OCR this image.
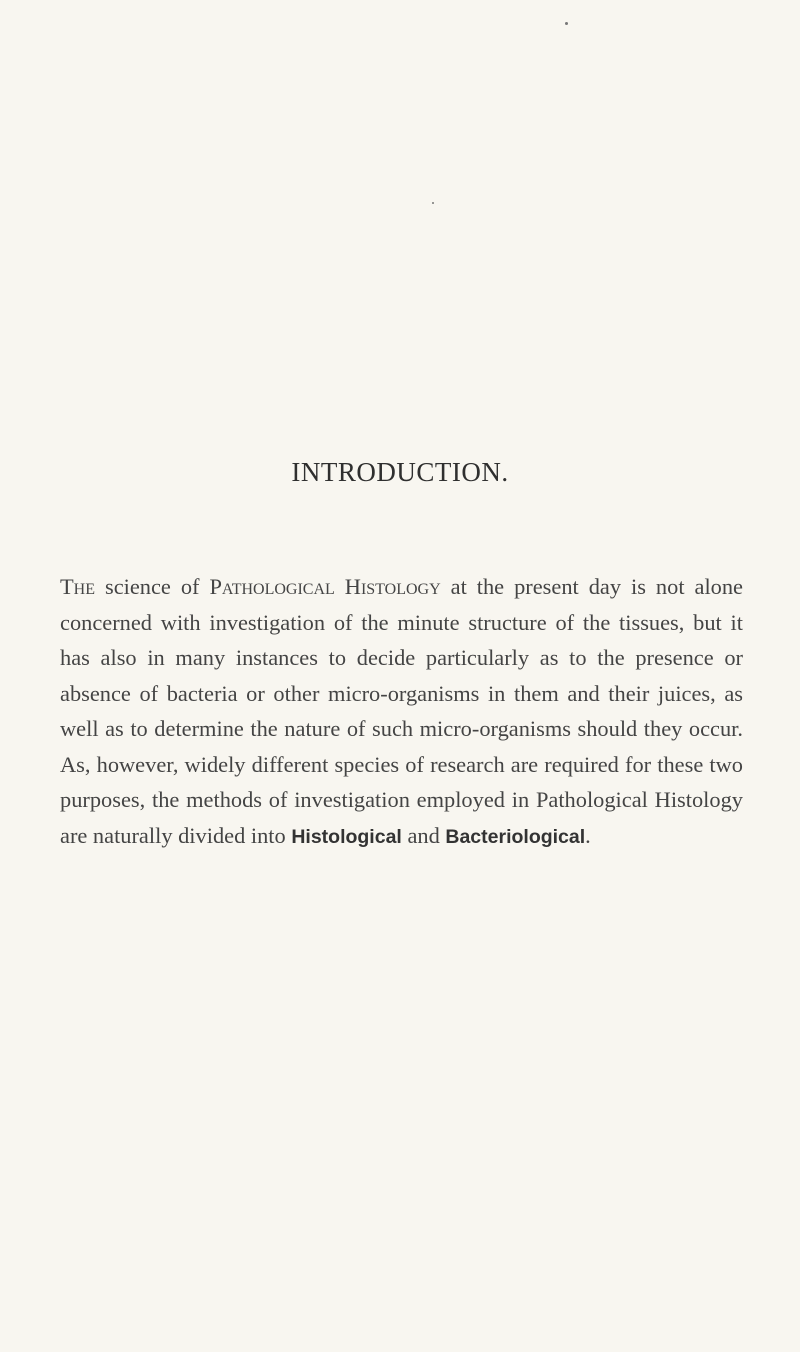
INTRODUCTION.

The science of Pathological Histology at the present day is not alone concerned with investigation of the minute structure of the tissues, but it has also in many instances to decide particularly as to the presence or absence of bacteria or other micro-organisms in them and their juices, as well as to determine the nature of such micro-organisms should they occur. As, however, widely different species of research are required for these two purposes, the methods of investigation employed in Pathological Histology are naturally divided into Histological and Bacteriological.
